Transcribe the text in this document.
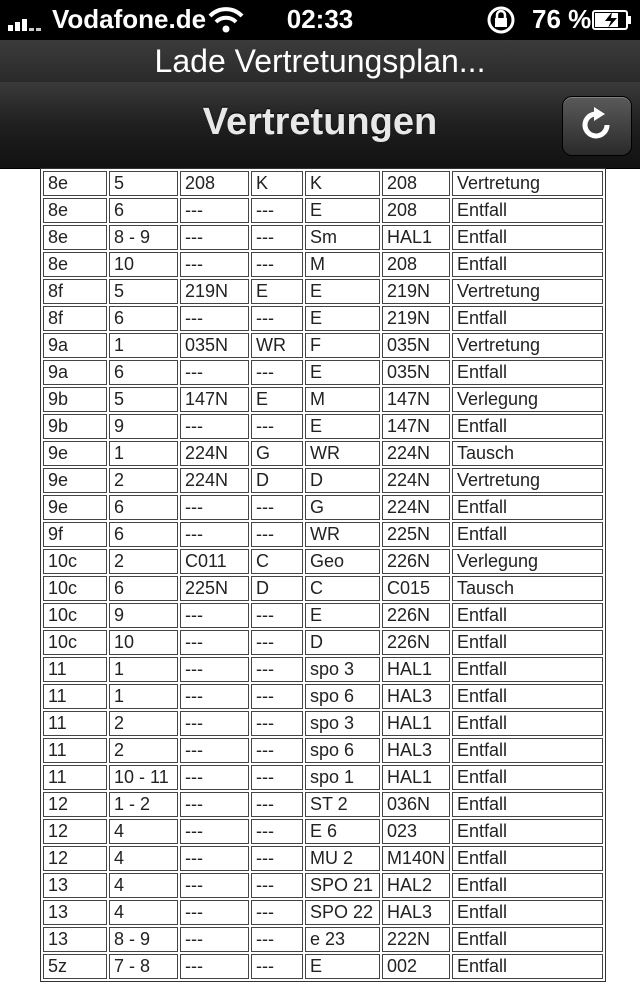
Vodafone.de	02:33	76 %
Lade Vertretungsplan...
Vertretungen
8e	5	208	K	K	208	Vertretung
8e	6	---	---	E	208	Entfall
8e	8 - 9	---	---	Sm	HAL1	Entfall
8e	10	---	---	M	208	Entfall
8f	5	219N	E	E	219N	Vertretung
8f	6	---	---	E	219N	Entfall
9a	1	035N	WR	F	035N	Vertretung
9a	6	---	---	E	035N	Entfall
9b	5	147N	E	M	147N	Verlegung
9b	9	---	---	E	147N	Entfall
9e	1	224N	G	WR	224N	Tausch
9e	2	224N	D	D	224N	Vertretung
9e	6	---	---	G	224N	Entfall
9f	6	---	---	WR	225N	Entfall
10c	2	C011	C	Geo	226N	Verlegung
10c	6	225N	D	C	C015	Tausch
10c	9	---	---	E	226N	Entfall
10c	10	---	---	D	226N	Entfall
11	1	---	---	spo 3	HAL1	Entfall
11	1	---	---	spo 6	HAL3	Entfall
11	2	---	---	spo 3	HAL1	Entfall
11	2	---	---	spo 6	HAL3	Entfall
11	10 - 11	---	---	spo 1	HAL1	Entfall
12	1 - 2	---	---	ST 2	036N	Entfall
12	4	---	---	E 6	023	Entfall
12	4	---	---	MU 2	M140N	Entfall
13	4	---	---	SPO 21	HAL2	Entfall
13	4	---	---	SPO 22	HAL3	Entfall
13	8 - 9	---	---	e 23	222N	Entfall
5z	7 - 8	---	---	E	002	Entfall
